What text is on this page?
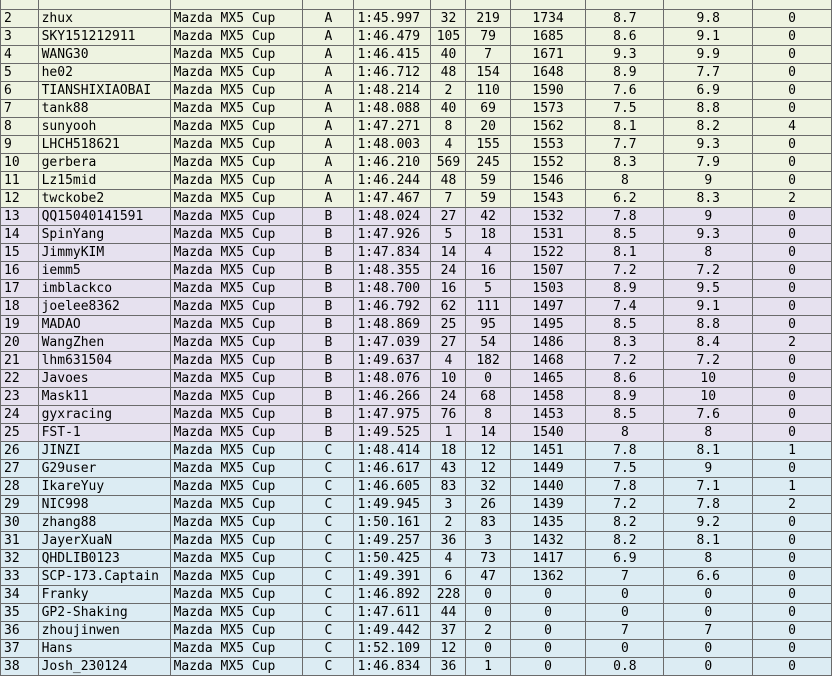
2	zhux	Mazda MX5 Cup	A	1:45.997	32	219	1734	8.7	9.8	0
3	SKY151212911	Mazda MX5 Cup	A	1:46.479	105	79	1685	8.6	9.1	0
4	WANG30	Mazda MX5 Cup	A	1:46.415	40	7	1671	9.3	9.9	0
5	he02	Mazda MX5 Cup	A	1:46.712	48	154	1648	8.9	7.7	0
6	TIANSHIXIAOBAI	Mazda MX5 Cup	A	1:48.214	2	110	1590	7.6	6.9	0
7	tank88	Mazda MX5 Cup	A	1:48.088	40	69	1573	7.5	8.8	0
8	sunyooh	Mazda MX5 Cup	A	1:47.271	8	20	1562	8.1	8.2	4
9	LHCH518621	Mazda MX5 Cup	A	1:48.003	4	155	1553	7.7	9.3	0
10	gerbera	Mazda MX5 Cup	A	1:46.210	569	245	1552	8.3	7.9	0
11	Lz15mid	Mazda MX5 Cup	A	1:46.244	48	59	1546	8	9	0
12	twckobe2	Mazda MX5 Cup	A	1:47.467	7	59	1543	6.2	8.3	2
13	QQ15040141591	Mazda MX5 Cup	B	1:48.024	27	42	1532	7.8	9	0
14	SpinYang	Mazda MX5 Cup	B	1:47.926	5	18	1531	8.5	9.3	0
15	JimmyKIM	Mazda MX5 Cup	B	1:47.834	14	4	1522	8.1	8	0
16	iemm5	Mazda MX5 Cup	B	1:48.355	24	16	1507	7.2	7.2	0
17	imblackco	Mazda MX5 Cup	B	1:48.700	16	5	1503	8.9	9.5	0
18	joelee8362	Mazda MX5 Cup	B	1:46.792	62	111	1497	7.4	9.1	0
19	MADAO	Mazda MX5 Cup	B	1:48.869	25	95	1495	8.5	8.8	0
20	WangZhen	Mazda MX5 Cup	B	1:47.039	27	54	1486	8.3	8.4	2
21	lhm631504	Mazda MX5 Cup	B	1:49.637	4	182	1468	7.2	7.2	0
22	Javoes	Mazda MX5 Cup	B	1:48.076	10	0	1465	8.6	10	0
23	Mask11	Mazda MX5 Cup	B	1:46.266	24	68	1458	8.9	10	0
24	gyxracing	Mazda MX5 Cup	B	1:47.975	76	8	1453	8.5	7.6	0
25	FST-1	Mazda MX5 Cup	B	1:49.525	1	14	1540	8	8	0
26	JINZI	Mazda MX5 Cup	C	1:48.414	18	12	1451	7.8	8.1	1
27	G29user	Mazda MX5 Cup	C	1:46.617	43	12	1449	7.5	9	0
28	IkareYuy	Mazda MX5 Cup	C	1:46.605	83	32	1440	7.8	7.1	1
29	NIC998	Mazda MX5 Cup	C	1:49.945	3	26	1439	7.2	7.8	2
30	zhang88	Mazda MX5 Cup	C	1:50.161	2	83	1435	8.2	9.2	0
31	JayerXuaN	Mazda MX5 Cup	C	1:49.257	36	3	1432	8.2	8.1	0
32	QHDLIB0123	Mazda MX5 Cup	C	1:50.425	4	73	1417	6.9	8	0
33	SCP-173.Captain	Mazda MX5 Cup	C	1:49.391	6	47	1362	7	6.6	0
34	Franky	Mazda MX5 Cup	C	1:46.892	228	0	0	0	0	0
35	GP2-Shaking	Mazda MX5 Cup	C	1:47.611	44	0	0	0	0	0
36	zhoujinwen	Mazda MX5 Cup	C	1:49.442	37	2	0	7	7	0
37	Hans	Mazda MX5 Cup	C	1:52.109	12	0	0	0	0	0
38	Josh_230124	Mazda MX5 Cup	C	1:46.834	36	1	0	0.8	0	0
